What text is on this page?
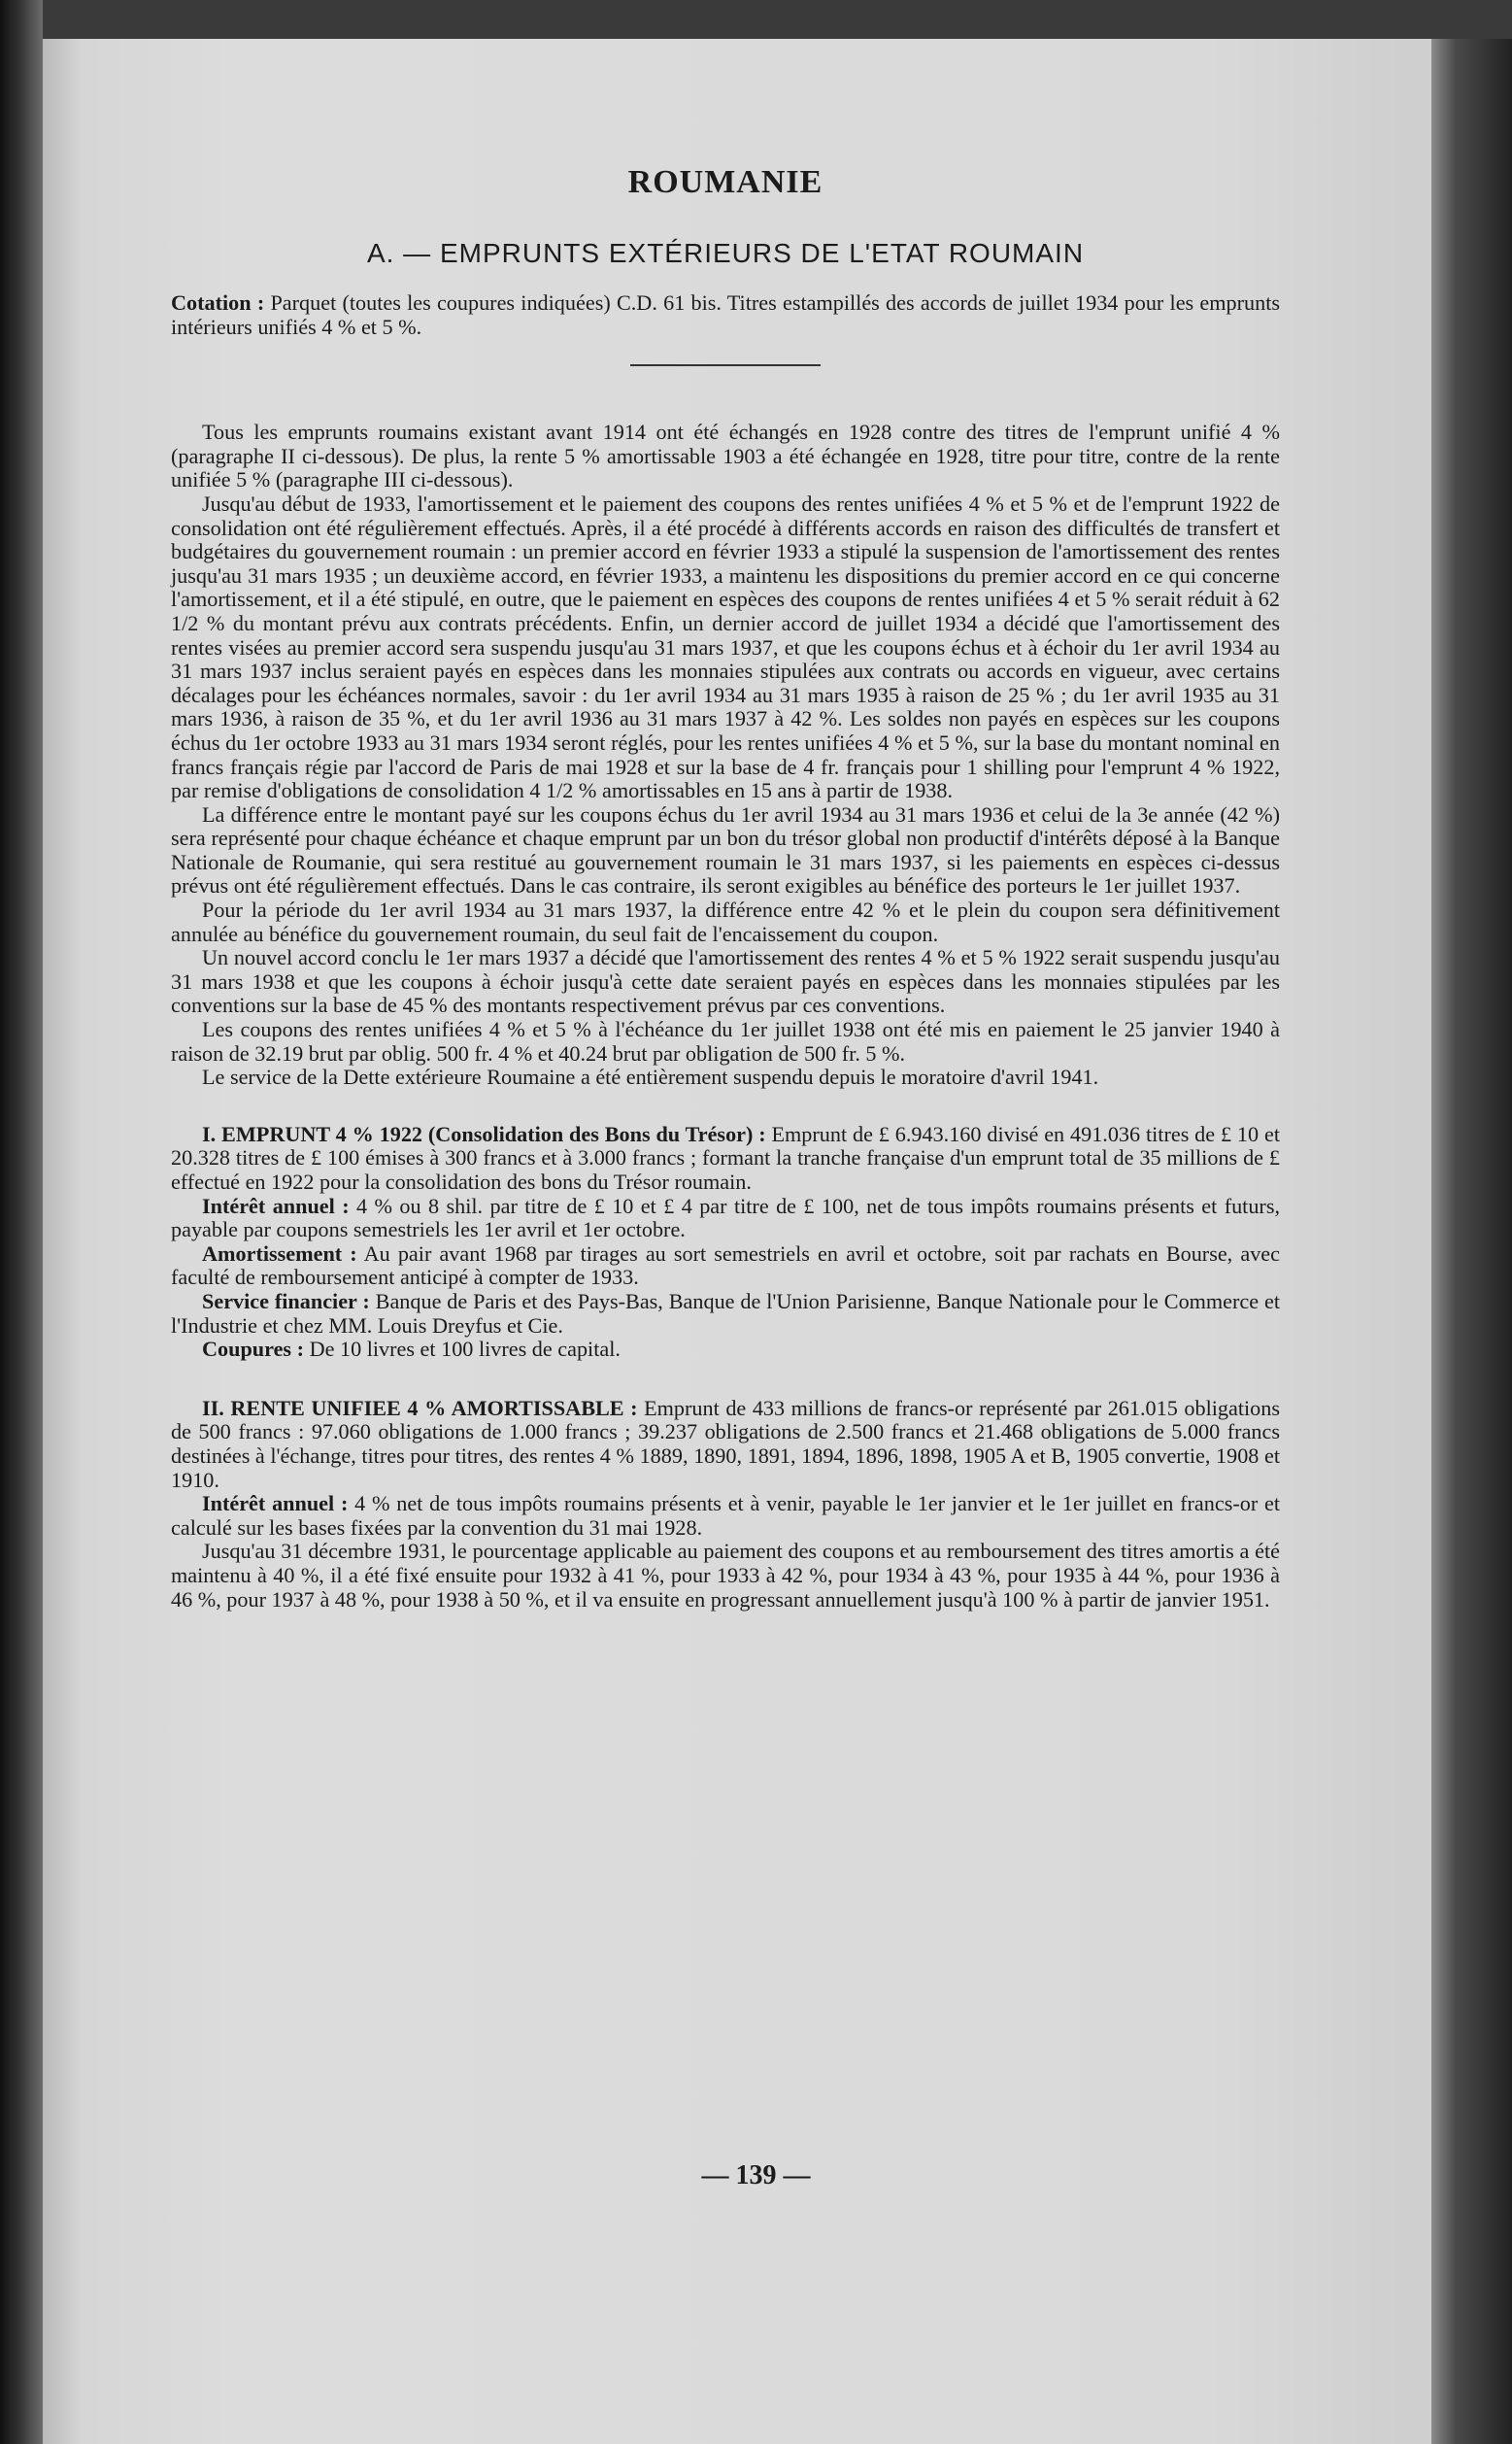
ROUMANIE
A. — EMPRUNTS EXTÉRIEURS DE L'ETAT ROUMAIN

Cotation : Parquet (toutes les coupures indiquées) C.D. 61 bis. Titres estampillés des accords de juillet 1934 pour les emprunts intérieurs unifiés 4 % et 5 %.

Tous les emprunts roumains existant avant 1914 ont été échangés en 1928 contre des titres de l'emprunt unifié 4 % (paragraphe II ci-dessous). De plus, la rente 5 % amortissable 1903 a été échangée en 1928, titre pour titre, contre de la rente unifiée 5 % (paragraphe III ci-dessous).

Jusqu'au début de 1933, l'amortissement et le paiement des coupons des rentes unifiées 4 % et 5 % et de l'emprunt 1922 de consolidation ont été régulièrement effectués. Après, il a été procédé à différents accords en raison des difficultés de transfert et budgétaires du gouvernement roumain : un premier accord en février 1933 a stipulé la suspension de l'amortissement des rentes jusqu'au 31 mars 1935 ; un deuxième accord, en février 1933, a maintenu les dispositions du premier accord en ce qui concerne l'amortissement, et il a été stipulé, en outre, que le paiement en espèces des coupons de rentes unifiées 4 et 5 % serait réduit à 62 1/2 % du montant prévu aux contrats précédents. Enfin, un dernier accord de juillet 1934 a décidé que l'amortissement des rentes visées au premier accord sera suspendu jusqu'au 31 mars 1937, et que les coupons échus et à échoir du 1er avril 1934 au 31 mars 1937 inclus seraient payés en espèces dans les monnaies stipulées aux contrats ou accords en vigueur, avec certains décalages pour les échéances normales, savoir : du 1er avril 1934 au 31 mars 1935 à raison de 25 % ; du 1er avril 1935 au 31 mars 1936, à raison de 35 %, et du 1er avril 1936 au 31 mars 1937 à 42 %. Les soldes non payés en espèces sur les coupons échus du 1er octobre 1933 au 31 mars 1934 seront réglés, pour les rentes unifiées 4 % et 5 %, sur la base du montant nominal en francs français régie par l'accord de Paris de mai 1928 et sur la base de 4 fr. français pour 1 shilling pour l'emprunt 4 % 1922, par remise d'obligations de consolidation 4 1/2 % amortissables en 15 ans à partir de 1938.

La différence entre le montant payé sur les coupons échus du 1er avril 1934 au 31 mars 1936 et celui de la 3e année (42 %) sera représenté pour chaque échéance et chaque emprunt par un bon du trésor global non productif d'intérêts déposé à la Banque Nationale de Roumanie, qui sera restitué au gouvernement roumain le 31 mars 1937, si les paiements en espèces ci-dessus prévus ont été régulièrement effectués. Dans le cas contraire, ils seront exigibles au bénéfice des porteurs le 1er juillet 1937.

Pour la période du 1er avril 1934 au 31 mars 1937, la différence entre 42 % et le plein du coupon sera définitivement annulée au bénéfice du gouvernement roumain, du seul fait de l'encaissement du coupon.

Un nouvel accord conclu le 1er mars 1937 a décidé que l'amortissement des rentes 4 % et 5 % 1922 serait suspendu jusqu'au 31 mars 1938 et que les coupons à échoir jusqu'à cette date seraient payés en espèces dans les monnaies stipulées par les conventions sur la base de 45 % des montants respectivement prévus par ces conventions.

Les coupons des rentes unifiées 4 % et 5 % à l'échéance du 1er juillet 1938 ont été mis en paiement le 25 janvier 1940 à raison de 32.19 brut par oblig. 500 fr. 4 % et 40.24 brut par obligation de 500 fr. 5 %.

Le service de la Dette extérieure Roumaine a été entièrement suspendu depuis le moratoire d'avril 1941.

I. EMPRUNT 4 % 1922 (Consolidation des Bons du Trésor) : Emprunt de £ 6.943.160 divisé en 491.036 titres de £ 10 et 20.328 titres de £ 100 émises à 300 francs et à 3.000 francs ; formant la tranche française d'un emprunt total de 35 millions de £ effectué en 1922 pour la consolidation des bons du Trésor roumain.

Intérêt annuel : 4 % ou 8 shil. par titre de £ 10 et £ 4 par titre de £ 100, net de tous impôts roumains présents et futurs, payable par coupons semestriels les 1er avril et 1er octobre.

Amortissement : Au pair avant 1968 par tirages au sort semestriels en avril et octobre, soit par rachats en Bourse, avec faculté de remboursement anticipé à compter de 1933.

Service financier : Banque de Paris et des Pays-Bas, Banque de l'Union Parisienne, Banque Nationale pour le Commerce et l'Industrie et chez MM. Louis Dreyfus et Cie.

Coupures : De 10 livres et 100 livres de capital.

II. RENTE UNIFIEE 4 % AMORTISSABLE : Emprunt de 433 millions de francs-or représenté par 261.015 obligations de 500 francs : 97.060 obligations de 1.000 francs ; 39.237 obligations de 2.500 francs et 21.468 obligations de 5.000 francs destinées à l'échange, titres pour titres, des rentes 4 % 1889, 1890, 1891, 1894, 1896, 1898, 1905 A et B, 1905 convertie, 1908 et 1910.

Intérêt annuel : 4 % net de tous impôts roumains présents et à venir, payable le 1er janvier et le 1er juillet en francs-or et calculé sur les bases fixées par la convention du 31 mai 1928.

Jusqu'au 31 décembre 1931, le pourcentage applicable au paiement des coupons et au remboursement des titres amortis a été maintenu à 40 %, il a été fixé ensuite pour 1932 à 41 %, pour 1933 à 42 %, pour 1934 à 43 %, pour 1935 à 44 %, pour 1936 à 46 %, pour 1937 à 48 %, pour 1938 à 50 %, et il va ensuite en progressant annuellement jusqu'à 100 % à partir de janvier 1951.

— 139 —
